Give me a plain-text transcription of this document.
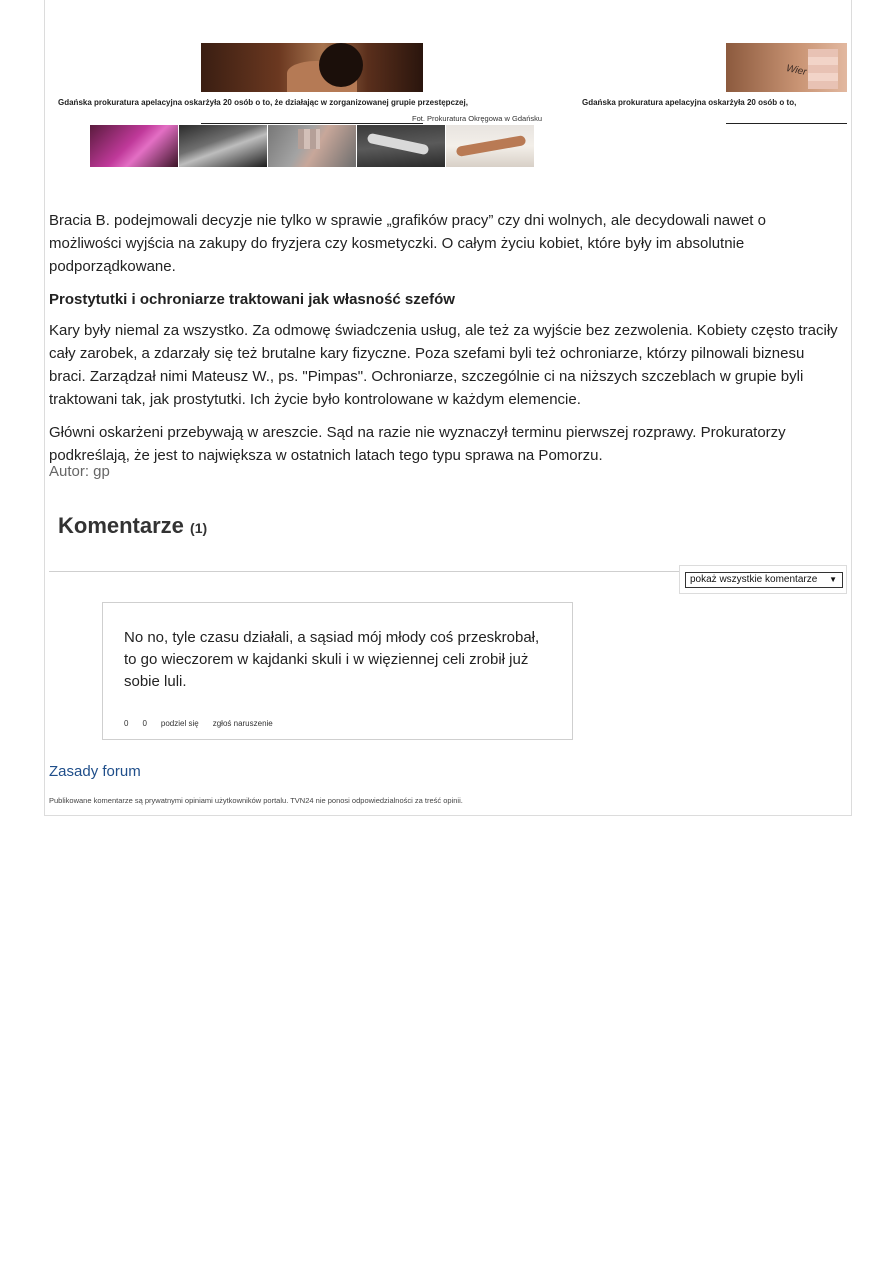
Wier
Gdańska prokuratura apelacyjna oskarżyła 20 osób o to, że działając w zorganizowanej grupie przestępczej,	Gdańska prokuratura apelacyjna oskarżyła 20 osób o to,
Fot. Prokuratura Okręgowa w Gdańsku

Bracia B. podejmowali decyzje nie tylko w sprawie „grafików pracy” czy dni wolnych, ale decydowali nawet o możliwości wyjścia na zakupy do fryzjera czy kosmetyczki. O całym życiu kobiet, które były im absolutnie podporządkowane.

Prostytutki i ochroniarze traktowani jak własność szefów

Kary były niemal za wszystko. Za odmowę świadczenia usług, ale też za wyjście bez zezwolenia. Kobiety często traciły cały zarobek, a zdarzały się też brutalne kary fizyczne. Poza szefami byli też ochroniarze, którzy pilnowali biznesu braci. Zarządzał nimi Mateusz W., ps. "Pimpas". Ochroniarze, szczególnie ci na niższych szczeblach w grupie byli traktowani tak, jak prostytutki. Ich życie było kontrolowane w każdym elemencie.

Główni oskarżeni przebywają w areszcie. Sąd na razie nie wyznaczył terminu pierwszej rozprawy. Prokuratorzy podkreślają, że jest to największa w ostatnich latach tego typu sprawa na Pomorzu.

Autor: gp
Komentarze (1)
pokaż wszystkie komentarze ▼
No no, tyle czasu działali, a sąsiad mój młody coś przeskrobał, to go wieczorem w kajdanki skuli i w więziennej celi zrobił już sobie luli.
0 0 podziel się zgłoś naruszenie
Zasady forum
Publikowane komentarze są prywatnymi opiniami użytkowników portalu. TVN24 nie ponosi odpowiedzialności za treść opinii.
